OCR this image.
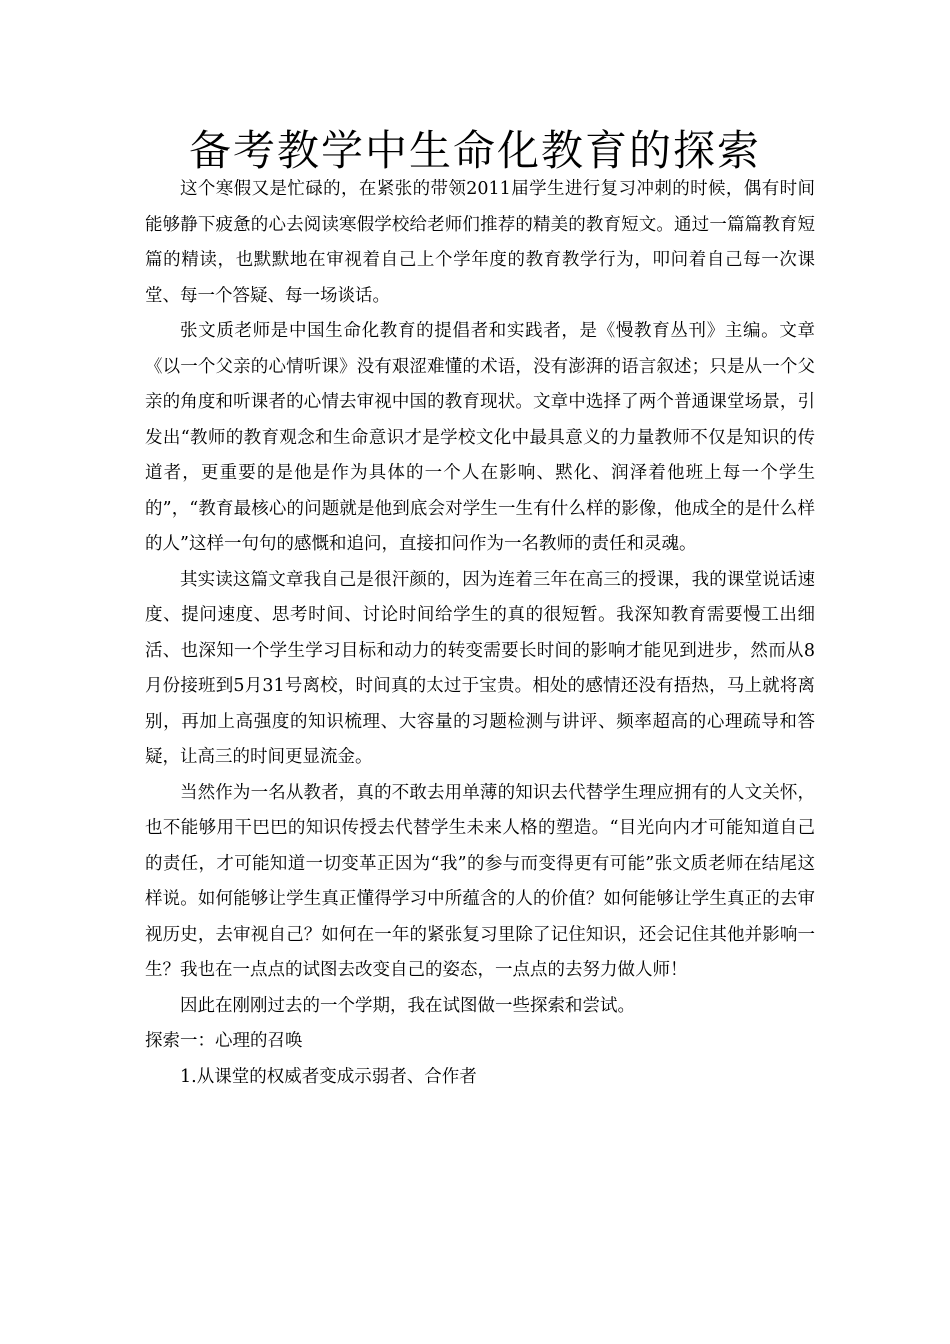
备考教学中生命化教育的探索

这个寒假又是忙碌的，在紧张的带领2011届学生进行复习冲刺的时候，偶有时间能够静下疲惫的心去阅读寒假学校给老师们推荐的精美的教育短文。通过一篇篇教育短篇的精读，也默默地在审视着自己上个学年度的教育教学行为，叩问着自己每一次课堂、每一个答疑、每一场谈话。

张文质老师是中国生命化教育的提倡者和实践者，是《慢教育丛刊》主编。文章《以一个父亲的心情听课》没有艰涩难懂的术语，没有澎湃的语言叙述；只是从一个父亲的角度和听课者的心情去审视中国的教育现状。文章中选择了两个普通课堂场景，引发出“教师的教育观念和生命意识才是学校文化中最具意义的力量教师不仅是知识的传道者，更重要的是他是作为具体的一个人在影响、黙化、润泽着他班上每一个学生的”，“教育最核心的问题就是他到底会对学生一生有什么样的影像，他成全的是什么样的人”这样一句句的感慨和追问，直接扣问作为一名教师的责任和灵魂。

其实读这篇文章我自己是很汗颜的，因为连着三年在高三的授课，我的课堂说话速度、提问速度、思考时间、讨论时间给学生的真的很短暂。我深知教育需要慢工出细活、也深知一个学生学习目标和动力的转变需要长时间的影响才能见到进步，然而从8月份接班到5月31号离校，时间真的太过于宝贵。相处的感情还没有捂热，马上就将离别，再加上高强度的知识梳理、大容量的习题检测与讲评、频率超高的心理疏导和答疑，让高三的时间更显流金。

当然作为一名从教者，真的不敢去用单薄的知识去代替学生理应拥有的人文关怀，也不能够用干巴巴的知识传授去代替学生未来人格的塑造。“目光向内才可能知道自己的责任，才可能知道一切变革正因为“我”的参与而变得更有可能”张文质老师在结尾这样说。如何能够让学生真正懂得学习中所蕴含的人的价值？如何能够让学生真正的去审视历史，去审视自己？如何在一年的紧张复习里除了记住知识，还会记住其他并影响一生？我也在一点点的试图去改变自己的姿态，一点点的去努力做人师！

因此在刚刚过去的一个学期，我在试图做一些探索和尝试。

探索一：心理的召唤

1.从课堂的权威者变成示弱者、合作者
